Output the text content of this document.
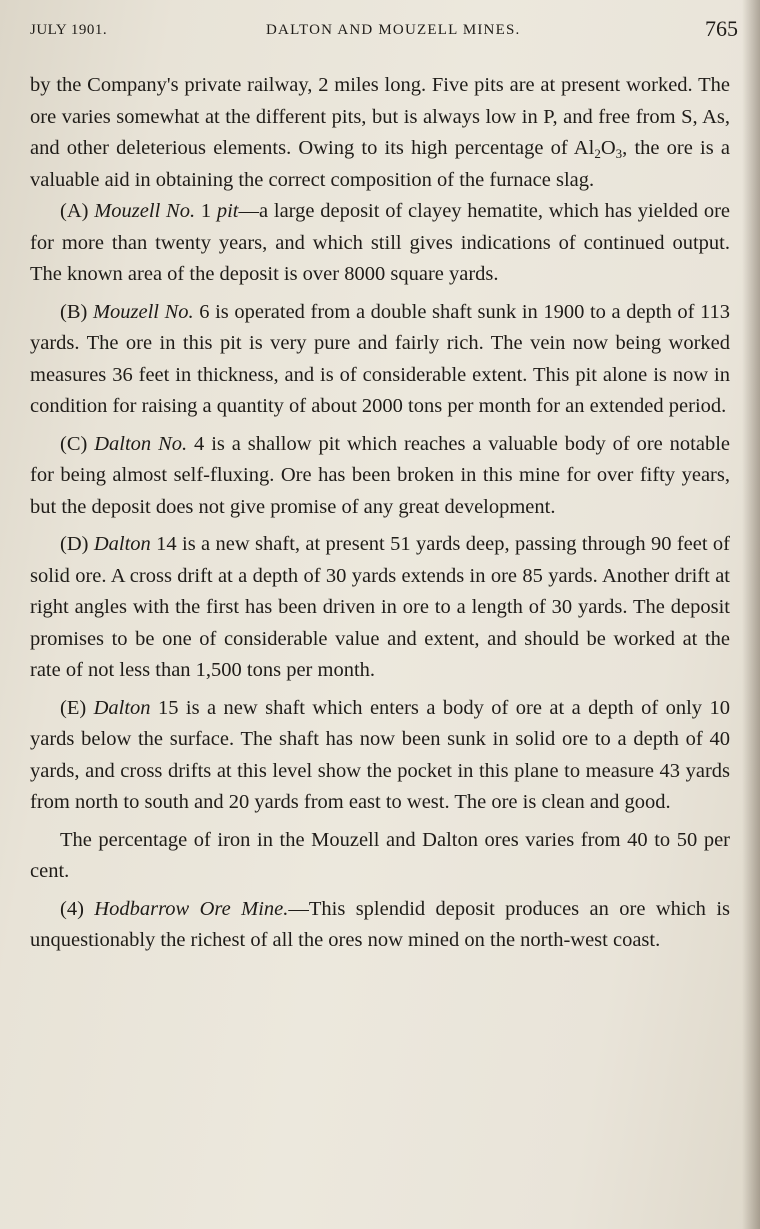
JULY 1901.	DALTON AND MOUZELL MINES.	765

by the Company's private railway, 2 miles long. Five pits are at present worked. The ore varies somewhat at the different pits, but is always low in P, and free from S, As, and other deleterious elements. Owing to its high percentage of $Al_2O_3$, the ore is a valuable aid in obtaining the correct composition of the furnace slag.

(A) Mouzell No. 1 pit—a large deposit of clayey hematite, which has yielded ore for more than twenty years, and which still gives indications of continued output. The known area of the deposit is over 8000 square yards.

(B) Mouzell No. 6 is operated from a double shaft sunk in 1900 to a depth of 113 yards. The ore in this pit is very pure and fairly rich. The vein now being worked measures 36 feet in thickness, and is of considerable extent. This pit alone is now in condition for raising a quantity of about 2000 tons per month for an extended period.

(C) Dalton No. 4 is a shallow pit which reaches a valuable body of ore notable for being almost self-fluxing. Ore has been broken in this mine for over fifty years, but the deposit does not give promise of any great development.

(D) Dalton 14 is a new shaft, at present 51 yards deep, passing through 90 feet of solid ore. A cross drift at a depth of 30 yards extends in ore 85 yards. Another drift at right angles with the first has been driven in ore to a length of 30 yards. The deposit promises to be one of considerable value and extent, and should be worked at the rate of not less than 1,500 tons per month.

(E) Dalton 15 is a new shaft which enters a body of ore at a depth of only 10 yards below the surface. The shaft has now been sunk in solid ore to a depth of 40 yards, and cross drifts at this level show the pocket in this plane to measure 43 yards from north to south and 20 yards from east to west. The ore is clean and good.

The percentage of iron in the Mouzell and Dalton ores varies from 40 to 50 per cent.

(4) Hodbarrow Ore Mine.—This splendid deposit produces an ore which is unquestionably the richest of all the ores now mined on the north-west coast.
